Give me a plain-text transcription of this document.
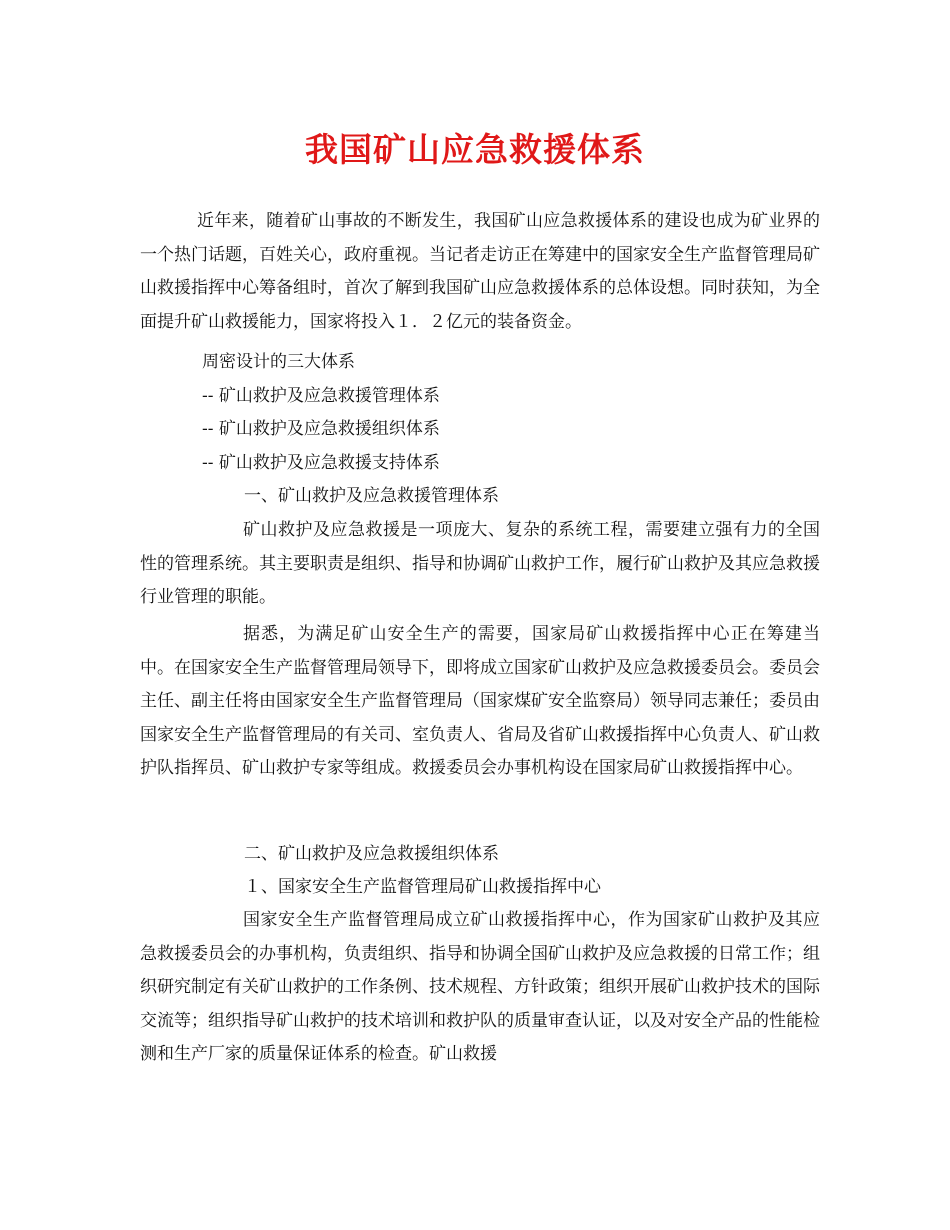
我国矿山应急救援体系

近年来，随着矿山事故的不断发生，我国矿山应急救援体系的建设也成为矿业界的一个热门话题，百姓关心，政府重视。当记者走访正在筹建中的国家安全生产监督管理局矿山救援指挥中心筹备组时，首次了解到我国矿山应急救援体系的总体设想。同时获知，为全面提升矿山救援能力，国家将投入１．２亿元的装备资金。

周密设计的三大体系

-- 矿山救护及应急救援管理体系

-- 矿山救护及应急救援组织体系

-- 矿山救护及应急救援支持体系

一、矿山救护及应急救援管理体系

矿山救护及应急救援是一项庞大、复杂的系统工程，需要建立强有力的全国性的管理系统。其主要职责是组织、指导和协调矿山救护工作，履行矿山救护及其应急救援行业管理的职能。

据悉，为满足矿山安全生产的需要，国家局矿山救援指挥中心正在筹建当中。在国家安全生产监督管理局领导下，即将成立国家矿山救护及应急救援委员会。委员会主任、副主任将由国家安全生产监督管理局（国家煤矿安全监察局）领导同志兼任；委员由国家安全生产监督管理局的有关司、室负责人、省局及省矿山救援指挥中心负责人、矿山救护队指挥员、矿山救护专家等组成。救援委员会办事机构设在国家局矿山救援指挥中心。

二、矿山救护及应急救援组织体系

１、国家安全生产监督管理局矿山救援指挥中心

国家安全生产监督管理局成立矿山救援指挥中心，作为国家矿山救护及其应急救援委员会的办事机构，负责组织、指导和协调全国矿山救护及应急救援的日常工作；组织研究制定有关矿山救护的工作条例、技术规程、方针政策；组织开展矿山救护技术的国际交流等；组织指导矿山救护的技术培训和救护队的质量审查认证，以及对安全产品的性能检测和生产厂家的质量保证体系的检查。矿山救援
